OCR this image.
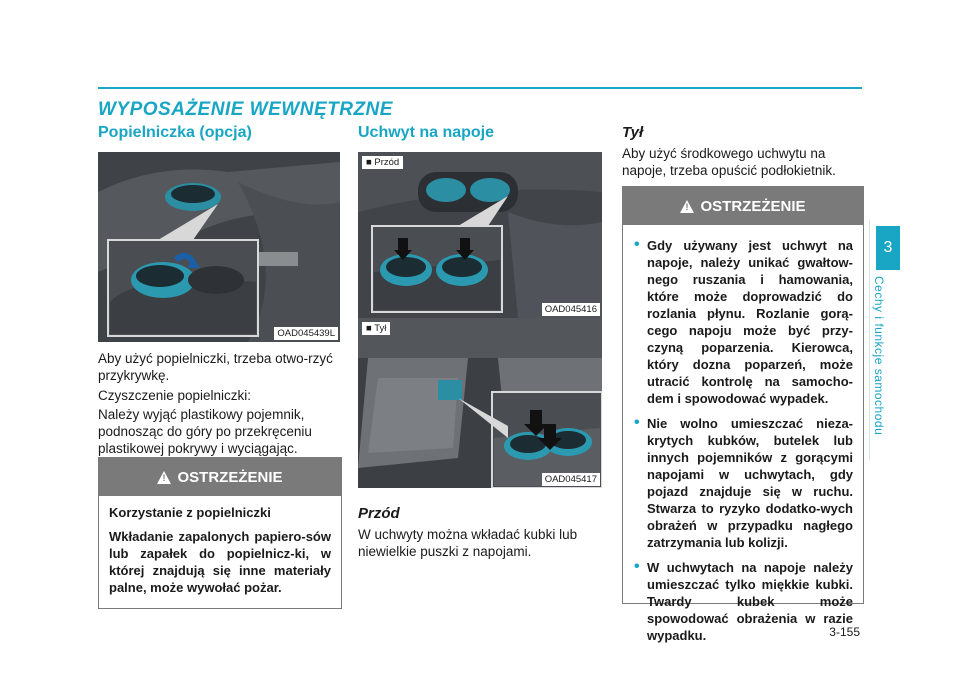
WYPOSAŻENIE WEWNĘTRZNE
Popielniczka (opcja)
OAD045439L

Aby użyć popielniczki, trzeba otwo-rzyć przykrywkę.

Czyszczenie popielniczki:

Należy wyjąć plastikowy pojemnik, podnosząc do góry po przekręceniu plastikowej pokrywy i wyciągając.

!
OSTRZEŻENIE

Korzystanie z popielniczki

Wkładanie zapalonych papiero-sów lub zapałek do popielnicz-ki, w której znajdują się inne materiały palne, może wywołać pożar.

Uchwyt na napoje
■ Przód
OAD045416
■ Tył
OAD045417
Przód

W uchwyty można wkładać kubki lub niewielkie puszki z napojami.

Tył

Aby użyć środkowego uchwytu na napoje, trzeba opuścić podłokietnik.

!
OSTRZEŻENIE
• Gdy używany jest uchwyt na napoje, należy unikać gwałtow-nego ruszania i hamowania, które może doprowadzić do rozlania płynu. Rozlanie gorą-cego napoju może być przy-czyną poparzenia. Kierowca, który dozna poparzeń, może utracić kontrolę na samocho-dem i spowodować wypadek.
• Nie wolno umieszczać nieza-krytych kubków, butelek lub innych pojemników z gorącymi napojami w uchwytach, gdy pojazd znajduje się w ruchu. Stwarza to ryzyko dodatko-wych obrażeń w przypadku nagłego zatrzymania lub kolizji.
• W uchwytach na napoje należy umieszczać tylko miękkie kubki. Twardy kubek może spowodować obrażenia w razie wypadku.
3
Cechy i funkcje samochodu
3-155
